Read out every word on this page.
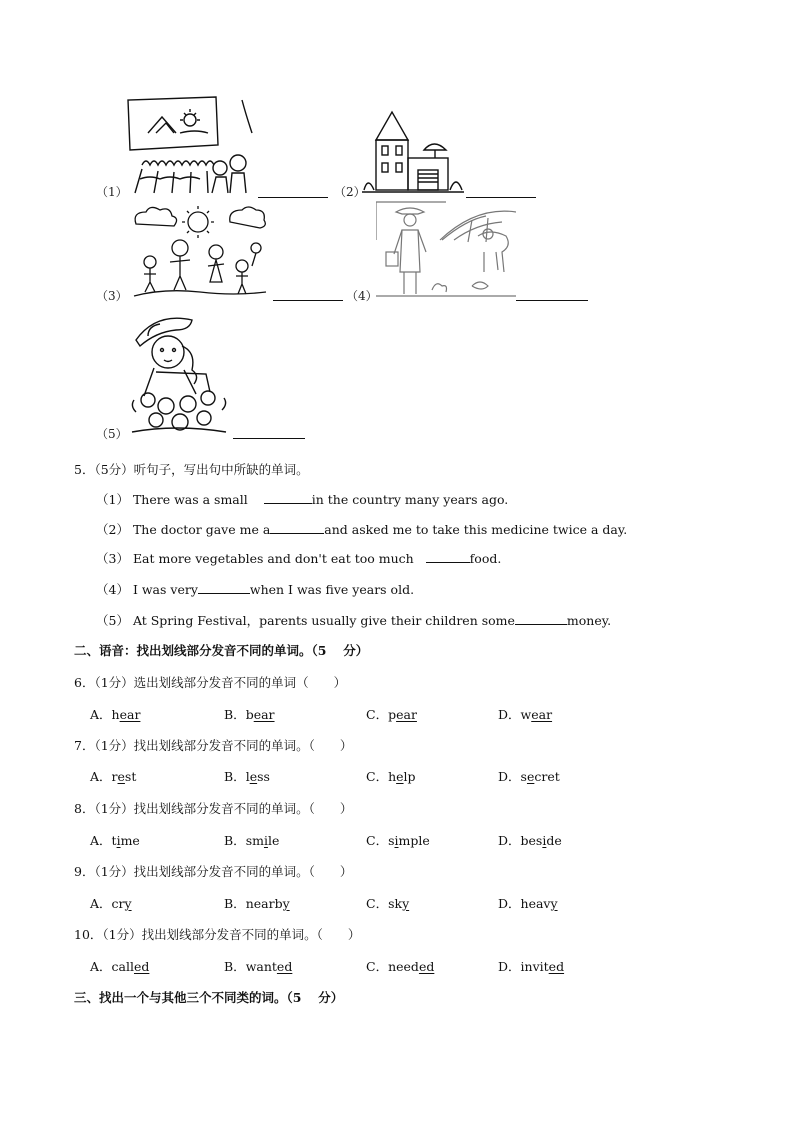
（1）	（2）
（3）	（4）
（5）
5．（5分）听句子，写出句中所缺的单词。
（1） There was a small	in the country many years ago.
（2） The doctor gave me a	and asked me to take this medicine twice a day.
（3） Eat more vegetables and don't eat too much	food.
（4） I was very	when I was five years old.
（5） At Spring Festival，parents usually give their children some	money.
二、语音：找出划线部分发音不同的单词。（5　 分）
6．（1分）选出划线部分发音不同的单词（　　）
A．hear	B．bear	C．pear	D．wear
7．（1分）找出划线部分发音不同的单词。（　　）
A．rest	B．less	C．help	D．secret
8．（1分）找出划线部分发音不同的单词。（　　）
A．time	B．smile	C．simple	D．beside
9．（1分）找出划线部分发音不同的单词。（　　）
A．cry	B．nearby	C．sky	D．heavy
10．（1分）找出划线部分发音不同的单词。（　　）
A．called	B．wanted	C．needed	D．invited
三、找出一个与其他三个不同类的词。（5　 分）
